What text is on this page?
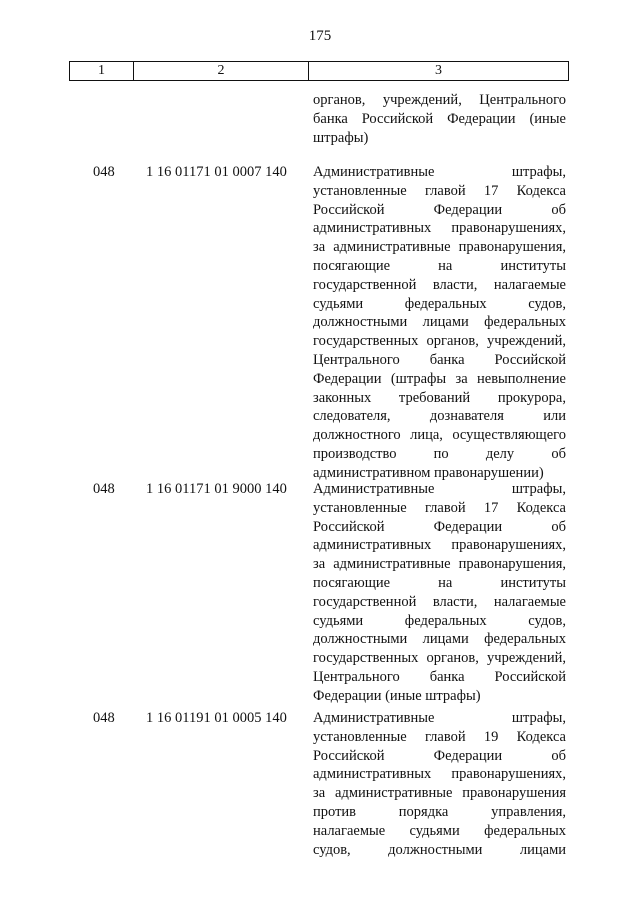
175
1	2	3
органов, учреждений, Центрального
банка Российской Федерации (иные
штрафы)
048 1 16 01171 01 0007 140 Административные штрафы,
установленные главой 17 Кодекса
Российской Федерации об
административных правонарушениях,
за административные правонарушения,
посягающие на институты
государственной власти, налагаемые
судьями федеральных судов,
должностными лицами федеральных
государственных органов, учреждений,
Центрального банка Российской
Федерации (штрафы за невыполнение
законных требований прокурора,
следователя, дознавателя или
должностного лица, осуществляющего
производство по делу об
административном правонарушении)
048 1 16 01171 01 9000 140 Административные штрафы,
установленные главой 17 Кодекса
Российской Федерации об
административных правонарушениях,
за административные правонарушения,
посягающие на институты
государственной власти, налагаемые
судьями федеральных судов,
должностными лицами федеральных
государственных органов, учреждений,
Центрального банка Российской
Федерации (иные штрафы)
048 1 16 01191 01 0005 140 Административные штрафы,
установленные главой 19 Кодекса
Российской Федерации об
административных правонарушениях,
за административные правонарушения
против порядка управления,
налагаемые судьями федеральных
судов, должностными лицами
